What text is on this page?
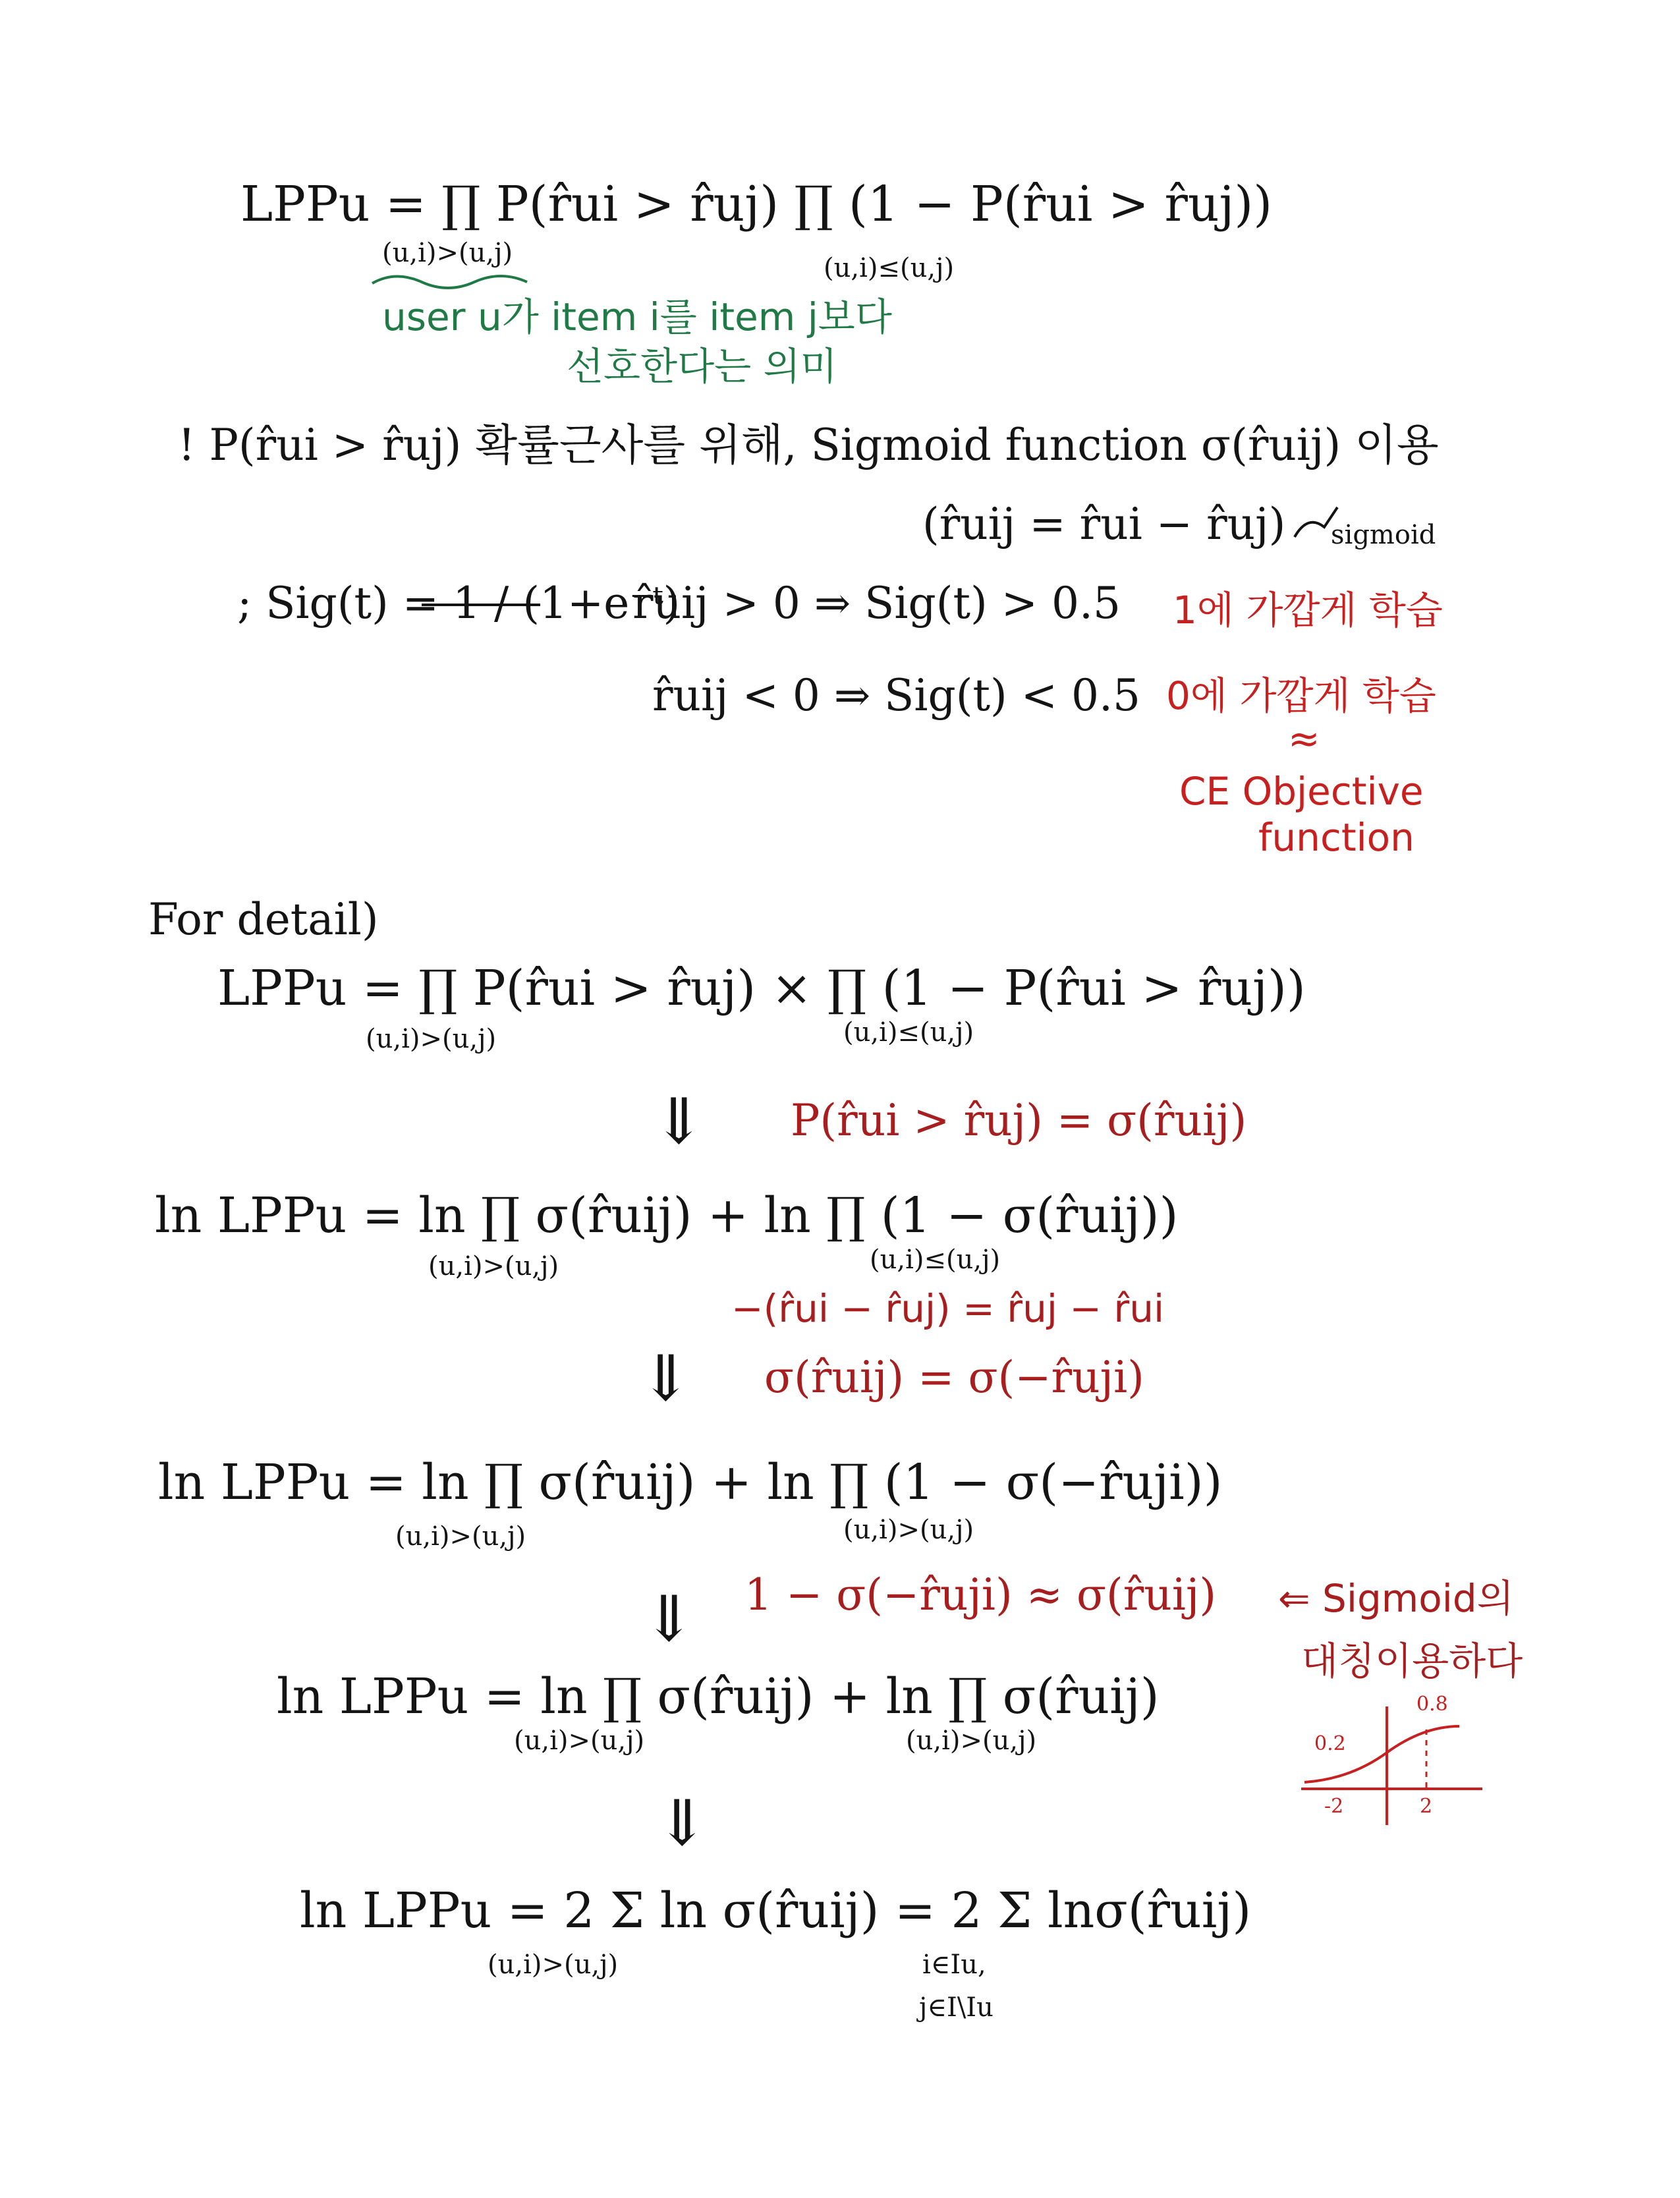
LPPu = ∏ P(r̂ui > r̂uj) ∏ (1 − P(r̂ui > r̂uj))
(u,i)>(u,j)	(u,i)≤(u,j)
user u가 item i를 item j보다
선호한다는 의미
! P(r̂ui > r̂uj) 확률근사를 위해, Sigmoid function σ(r̂uij) 이용
(r̂uij = r̂ui − r̂uj) sigmoid
; Sig(t) = 1 / (1+e⁻ᵗ)
r̂uij > 0 ⇒ Sig(t) > 0.5 1에 가깝게 학습
r̂uij < 0 ⇒ Sig(t) < 0.5 0에 가깝게 학습
≈
CE Objective
function
For detail)
LPPu = ∏ P(r̂ui > r̂uj) × ∏ (1 − P(r̂ui > r̂uj))
(u,i)>(u,j)	(u,i)≤(u,j)
⇓ P(r̂ui > r̂uj) = σ(r̂uij)
ln LPPu = ln ∏ σ(r̂uij) + ln ∏ (1 − σ(r̂uij))
(u,i)>(u,j)	(u,i)≤(u,j)
−(r̂ui − r̂uj) = r̂uj − r̂ui
⇓ σ(r̂uij) = σ(−r̂uji)
ln LPPu = ln ∏ σ(r̂uij) + ln ∏ (1 − σ(−r̂uji))
(u,i)>(u,j)	(u,i)>(u,j)
⇓ 1 − σ(−r̂uji) ≈ σ(r̂uij) ⇐ Sigmoid의
대칭이용하다
ln LPPu = ln ∏ σ(r̂uij) + ln ∏ σ(r̂uij)
(u,i)>(u,j)	(u,i)>(u,j)
⇓
ln LPPu = 2 Σ ln σ(r̂uij) = 2 Σ lnσ(r̂uij)
(u,i)>(u,j)	i∈Iu,
j∈I\Iu
0.8
0.2
-2	2
